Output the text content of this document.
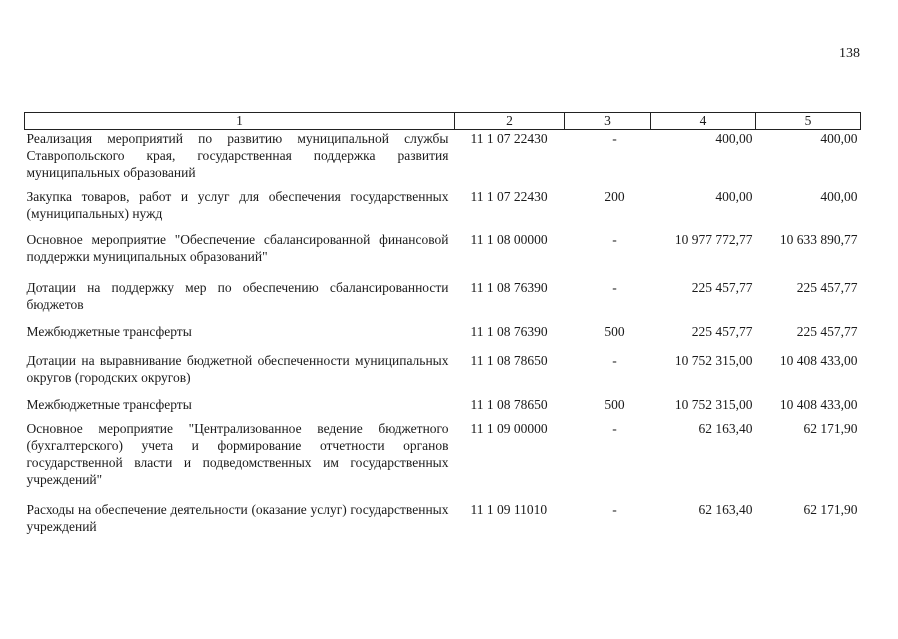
138
1	2	3	4	5
Реализация мероприятий по развитию муниципальной службы Ставропольского края, государственная поддержка развития муниципальных образований	11 1 07 22430	-	400,00	400,00
Закупка товаров, работ и услуг для обеспечения государственных (муниципальных) нужд	11 1 07 22430	200	400,00	400,00
Основное мероприятие "Обеспечение сбалансированной финансовой поддержки муниципальных образований"	11 1 08 00000	-	10 977 772,77	10 633 890,77
Дотации на поддержку мер по обеспечению сбалансированности бюджетов	11 1 08 76390	-	225 457,77	225 457,77
Межбюджетные трансферты	11 1 08 76390	500	225 457,77	225 457,77
Дотации на выравнивание бюджетной обеспеченности муниципальных округов (городских округов)	11 1 08 78650	-	10 752 315,00	10 408 433,00
Межбюджетные трансферты	11 1 08 78650	500	10 752 315,00	10 408 433,00
Основное мероприятие "Централизованное ведение бюджетного (бухгалтерского) учета и формирование отчетности органов государственной власти и подведомственных им государственных учреждений"	11 1 09 00000	-	62 163,40	62 171,90
Расходы на обеспечение деятельности (оказание услуг) государственных учреждений	11 1 09 11010	-	62 163,40	62 171,90
